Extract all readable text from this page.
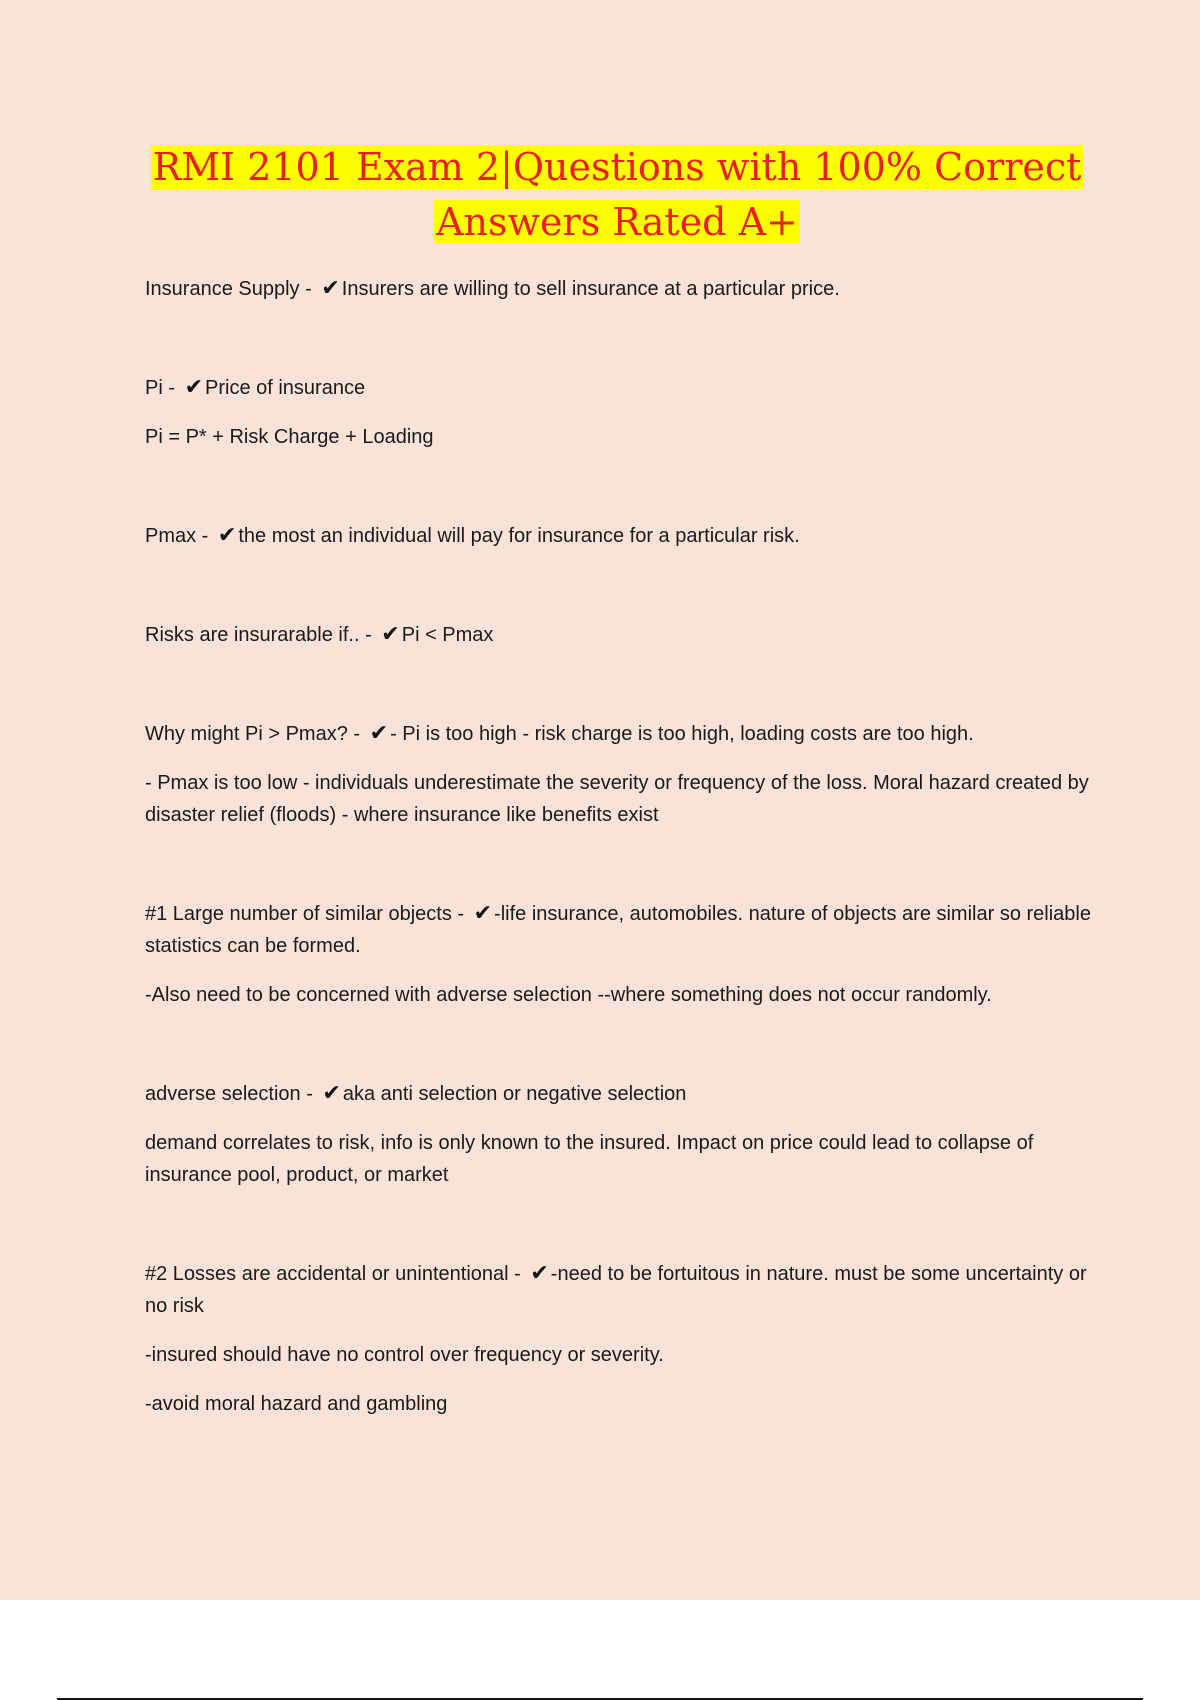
RMI 2101 Exam 2|Questions with 100% Correct
Answers Rated A+

Insurance Supply - ✔ Insurers are willing to sell insurance at a particular price.

Pi - ✔ Price of insurance

Pi = P* + Risk Charge + Loading

Pmax - ✔ the most an individual will pay for insurance for a particular risk.

Risks are insurarable if.. - ✔ Pi < Pmax

Why might Pi > Pmax? - ✔ - Pi is too high - risk charge is too high, loading costs are too high.

- Pmax is too low - individuals underestimate the severity or frequency of the loss. Moral hazard created by disaster relief (floods) - where insurance like benefits exist

#1 Large number of similar objects - ✔ -life insurance, automobiles. nature of objects are similar so reliable statistics can be formed.

-Also need to be concerned with adverse selection --where something does not occur randomly.

adverse selection - ✔ aka anti selection or negative selection

demand correlates to risk, info is only known to the insured. Impact on price could lead to collapse of insurance pool, product, or market

#2 Losses are accidental or unintentional - ✔ -need to be fortuitous in nature. must be some uncertainty or no risk

-insured should have no control over frequency or severity.

-avoid moral hazard and gambling
